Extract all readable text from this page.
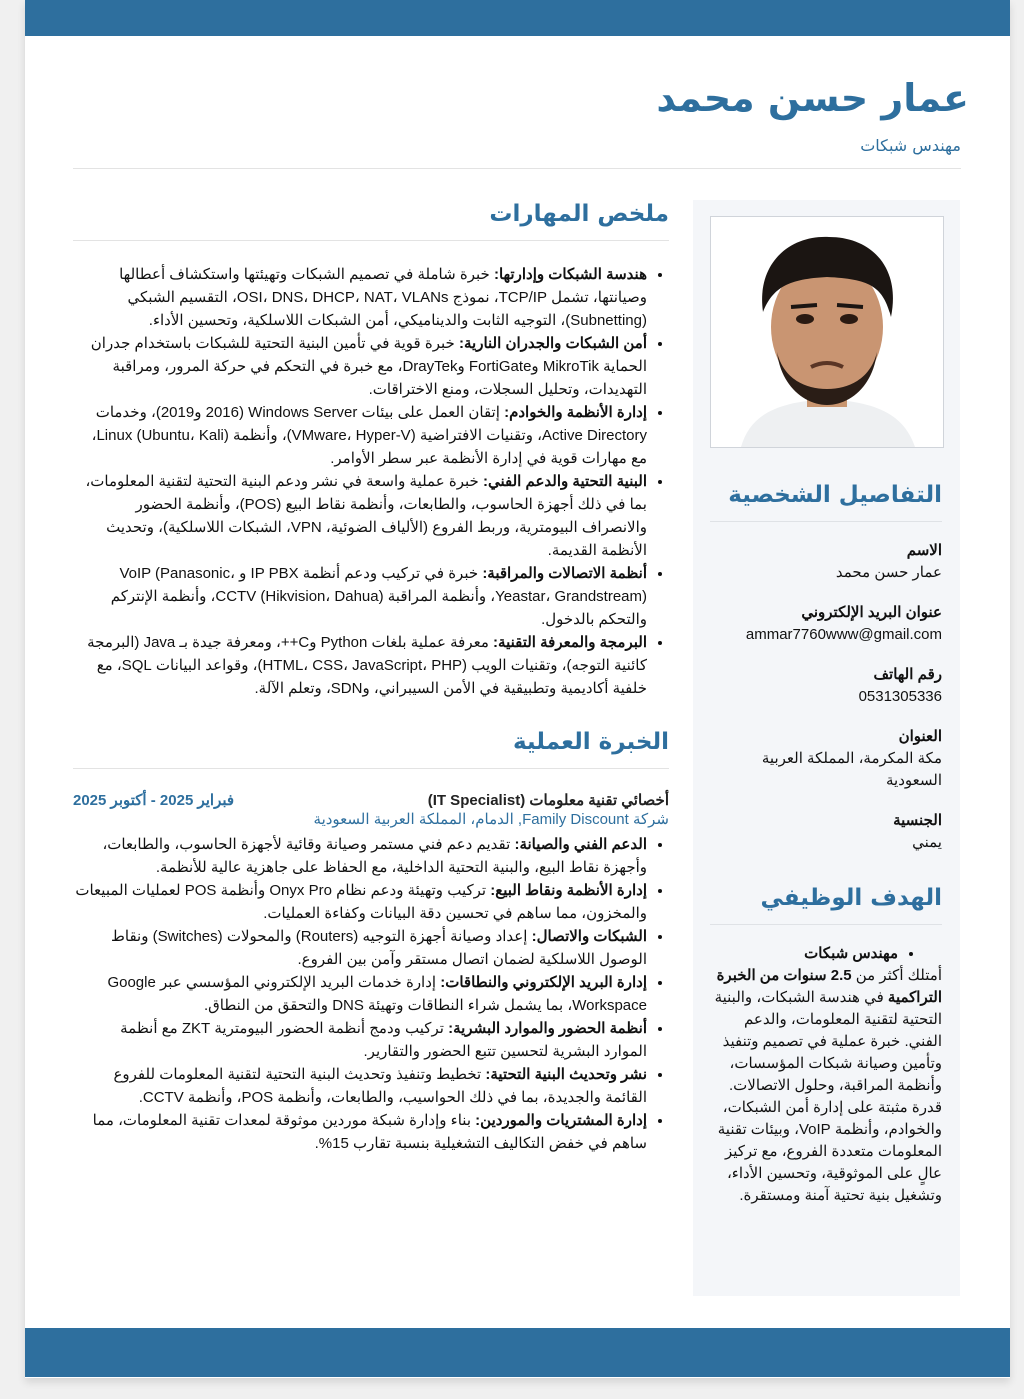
عمار حسن محمد
مهندس شبكات
ملخص المهارات
• هندسة الشبكات وإدارتها: خبرة شاملة في تصميم الشبكات وتهيئتها واستكشاف أعطالها وصيانتها، تشمل TCP/IP، نموذج OSI، DNS، DHCP، NAT، VLANs، التقسيم الشبكي (Subnetting)، التوجيه الثابت والديناميكي، أمن الشبكات اللاسلكية، وتحسين الأداء.
• أمن الشبكات والجدران النارية: خبرة قوية في تأمين البنية التحتية للشبكات باستخدام جدران الحماية MikroTik وFortiGate وDrayTek، مع خبرة في التحكم في حركة المرور، ومراقبة التهديدات، وتحليل السجلات، ومنع الاختراقات.
• إدارة الأنظمة والخوادم: إتقان العمل على بيئات Windows Server (2016 و2019)، وخدمات Active Directory، وتقنيات الافتراضية (VMware، Hyper-V)، وأنظمة Linux (Ubuntu، Kali)، مع مهارات قوية في إدارة الأنظمة عبر سطر الأوامر.
• البنية التحتية والدعم الفني: خبرة عملية واسعة في نشر ودعم البنية التحتية لتقنية المعلومات، بما في ذلك أجهزة الحاسوب، والطابعات، وأنظمة نقاط البيع (POS)، وأنظمة الحضور والانصراف البيومترية، وربط الفروع (الألياف الضوئية، VPN، الشبكات اللاسلكية)، وتحديث الأنظمة القديمة.
• أنظمة الاتصالات والمراقبة: خبرة في تركيب ودعم أنظمة IP PBX و VoIP (Panasonic، Yeastar، Grandstream)، وأنظمة المراقبة CCTV (Hikvision، Dahua)، وأنظمة الإنتركم والتحكم بالدخول.
• البرمجة والمعرفة التقنية: معرفة عملية بلغات Python وC++، ومعرفة جيدة بـ Java (البرمجة كائنية التوجه)، وتقنيات الويب (HTML، CSS، JavaScript، PHP)، وقواعد البيانات SQL، مع خلفية أكاديمية وتطبيقية في الأمن السيبراني، وSDN، وتعلم الآلة.
الخبرة العملية
أخصائي تقنية معلومات (IT Specialist)
فبراير 2025 - أكتوبر 2025
شركة Family Discount, الدمام، المملكة العربية السعودية
• الدعم الفني والصيانة: تقديم دعم فني مستمر وصيانة وقائية لأجهزة الحاسوب، والطابعات، وأجهزة نقاط البيع، والبنية التحتية الداخلية، مع الحفاظ على جاهزية عالية للأنظمة.
• إدارة الأنظمة ونقاط البيع: تركيب وتهيئة ودعم نظام Onyx Pro وأنظمة POS لعمليات المبيعات والمخزون، مما ساهم في تحسين دقة البيانات وكفاءة العمليات.
• الشبكات والاتصال: إعداد وصيانة أجهزة التوجيه (Routers) والمحولات (Switches) ونقاط الوصول اللاسلكية لضمان اتصال مستقر وآمن بين الفروع.
• إدارة البريد الإلكتروني والنطاقات: إدارة خدمات البريد الإلكتروني المؤسسي عبر Google Workspace، بما يشمل شراء النطاقات وتهيئة DNS والتحقق من النطاق.
• أنظمة الحضور والموارد البشرية: تركيب ودمج أنظمة الحضور البيومترية ZKT مع أنظمة الموارد البشرية لتحسين تتبع الحضور والتقارير.
• نشر وتحديث البنية التحتية: تخطيط وتنفيذ وتحديث البنية التحتية لتقنية المعلومات للفروع القائمة والجديدة، بما في ذلك الحواسيب، والطابعات، وأنظمة POS، وأنظمة CCTV.
• إدارة المشتريات والموردين: بناء وإدارة شبكة موردين موثوقة لمعدات تقنية المعلومات، مما ساهم في خفض التكاليف التشغيلية بنسبة تقارب 15%.
التفاصيل الشخصية
الاسم
عمار حسن محمد
عنوان البريد الإلكتروني
ammar7760www@gmail.com
رقم الهاتف
0531305336
العنوان
مكة المكرمة، المملكة العربية السعودية
الجنسية
يمني
الهدف الوظيفي
• مهندس شبكات

أمتلك أكثر من 2.5 سنوات من الخبرة التراكمية في هندسة الشبكات، والبنية التحتية لتقنية المعلومات، والدعم الفني. خبرة عملية في تصميم وتنفيذ وتأمين وصيانة شبكات المؤسسات، وأنظمة المراقبة، وحلول الاتصالات. قدرة مثبتة على إدارة أمن الشبكات، والخوادم، وأنظمة VoIP، وبيئات تقنية المعلومات متعددة الفروع، مع تركيز عالٍ على الموثوقية، وتحسين الأداء، وتشغيل بنية تحتية آمنة ومستقرة.
